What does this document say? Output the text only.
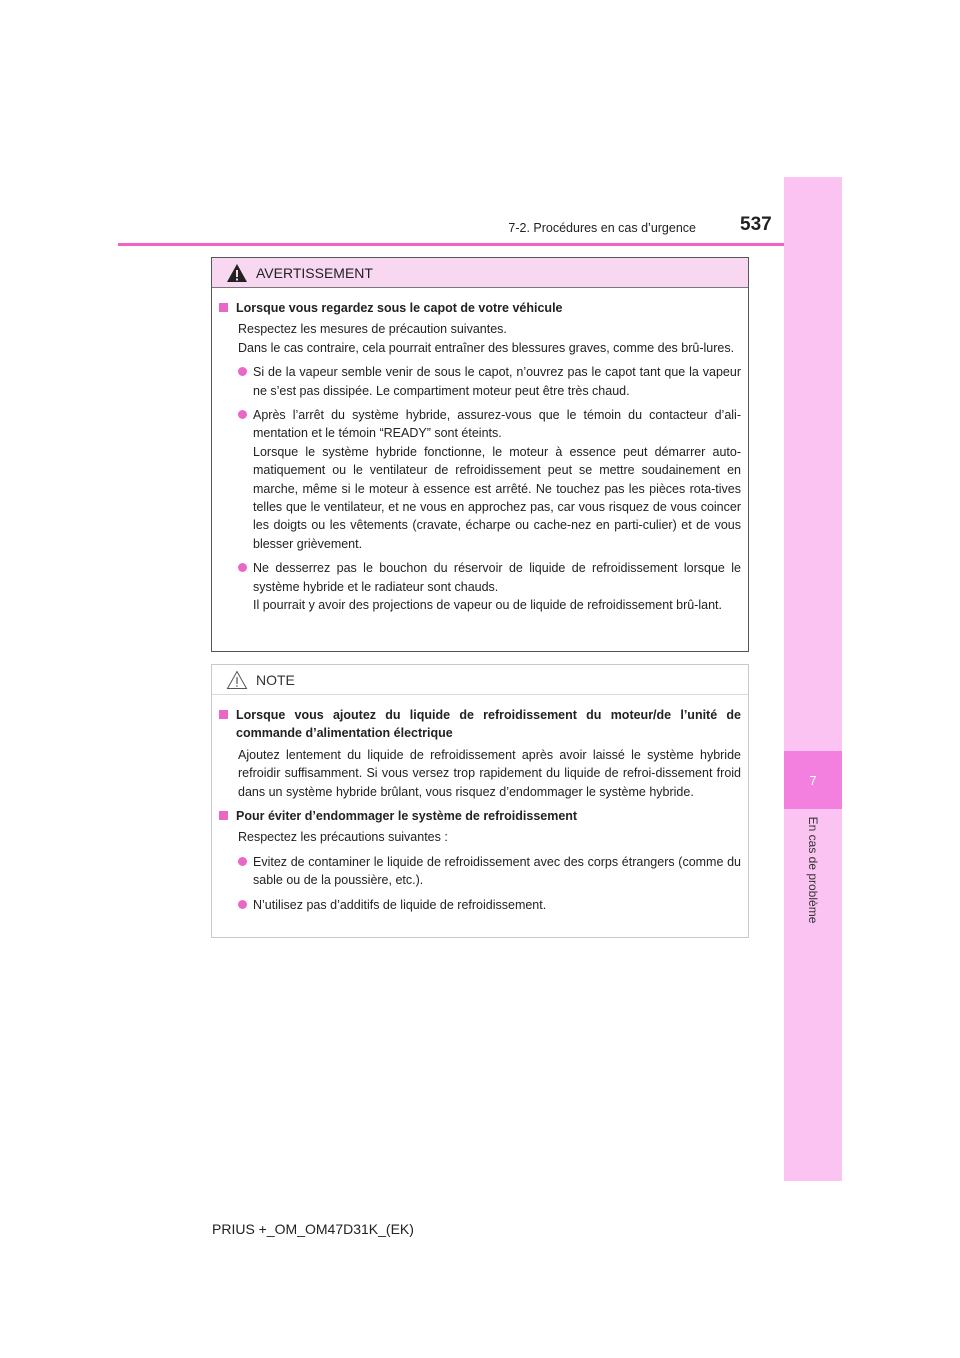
7-2. Procédures en cas d’urgence 537
7
En cas de problème
AVERTISSEMENT
Lorsque vous regardez sous le capot de votre véhicule
Respectez les mesures de précaution suivantes.
Dans le cas contraire, cela pourrait entraîner des blessures graves, comme des brû-lures.
Si de la vapeur semble venir de sous le capot, n’ouvrez pas le capot tant que la vapeur ne s’est pas dissipée. Le compartiment moteur peut être très chaud.
Après l’arrêt du système hybride, assurez-vous que le témoin du contacteur d’ali-mentation et le témoin “READY” sont éteints.
Lorsque le système hybride fonctionne, le moteur à essence peut démarrer auto-matiquement ou le ventilateur de refroidissement peut se mettre soudainement en marche, même si le moteur à essence est arrêté. Ne touchez pas les pièces rota-tives telles que le ventilateur, et ne vous en approchez pas, car vous risquez de vous coincer les doigts ou les vêtements (cravate, écharpe ou cache-nez en parti-culier) et de vous blesser grièvement.
Ne desserrez pas le bouchon du réservoir de liquide de refroidissement lorsque le système hybride et le radiateur sont chauds.
Il pourrait y avoir des projections de vapeur ou de liquide de refroidissement brû-lant.
NOTE
Lorsque vous ajoutez du liquide de refroidissement du moteur/de l’unité de commande d’alimentation électrique
Ajoutez lentement du liquide de refroidissement après avoir laissé le système hybride refroidir suffisamment. Si vous versez trop rapidement du liquide de refroi-dissement froid dans un système hybride brûlant, vous risquez d’endommager le système hybride.
Pour éviter d’endommager le système de refroidissement
Respectez les précautions suivantes :
Evitez de contaminer le liquide de refroidissement avec des corps étrangers (comme du sable ou de la poussière, etc.).
N’utilisez pas d’additifs de liquide de refroidissement.
PRIUS +_OM_OM47D31K_(EK)
